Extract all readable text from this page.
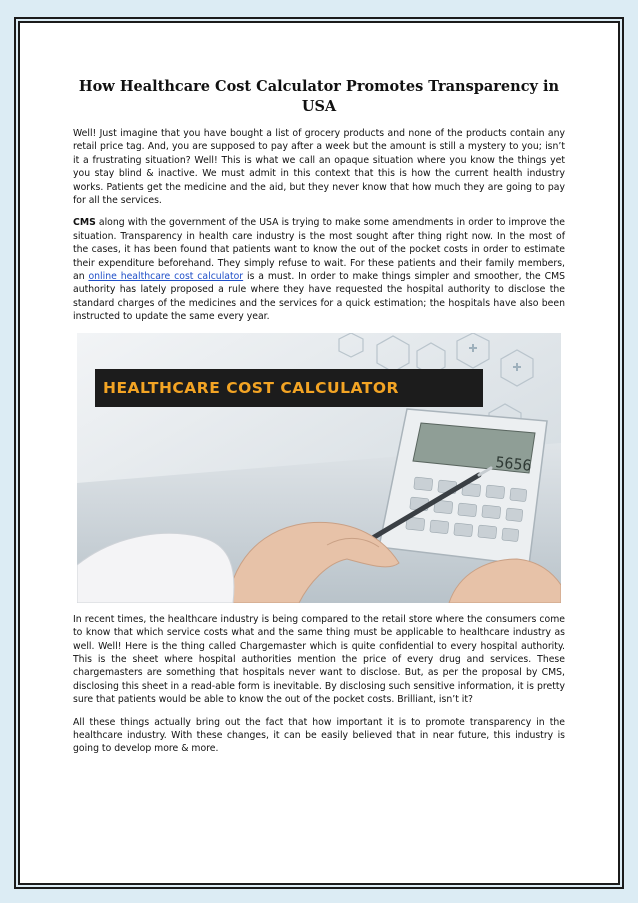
How Healthcare Cost Calculator Promotes Transparency in USA

Well! Just imagine that you have bought a list of grocery products and none of the products contain any retail price tag. And, you are supposed to pay after a week but the amount is still a mystery to you; isn’t it a frustrating situation? Well! This is what we call an opaque situation where you know the things yet you stay blind & inactive. We must admit in this context that this is how the current health industry works. Patients get the medicine and the aid, but they never know that how much they are going to pay for all the services.

CMS along with the government of the USA is trying to make some amendments in order to improve the situation. Transparency in health care industry is the most sought after thing right now. In the most of the cases, it has been found that patients want to know the out of the pocket costs in order to estimate their expenditure beforehand. They simply refuse to wait. For these patients and their family members, an online healthcare cost calculator is a must. In order to make things simpler and smoother, the CMS authority has lately proposed a rule where they have requested the hospital authority to disclose the standard charges of the medicines and the services for a quick estimation; the hospitals have also been instructed to update the same every year.

5656
HEALTHCARE COST CALCULATOR

In recent times, the healthcare industry is being compared to the retail store where the consumers come to know that which service costs what and the same thing must be applicable to healthcare industry as well. Well! Here is the thing called Chargemaster which is quite confidential to every hospital authority. This is the sheet where hospital authorities mention the price of every drug and services. These chargemasters are something that hospitals never want to disclose. But, as per the proposal by CMS, disclosing this sheet in a read-able form is inevitable. By disclosing such sensitive information, it is pretty sure that patients would be able to know the out of the pocket costs. Brilliant, isn’t it?

All these things actually bring out the fact that how important it is to promote transparency in the healthcare industry. With these changes, it can be easily believed that in near future, this industry is going to develop more & more.
